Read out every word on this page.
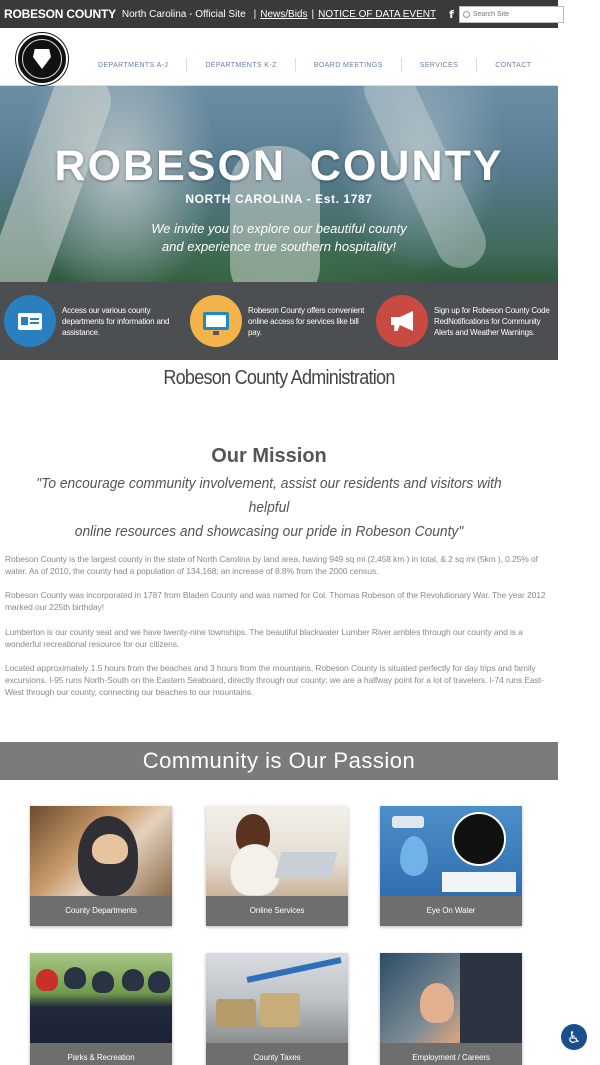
ROBESON COUNTY North Carolina - Official Site | News/Bids | NOTICE OF DATA EVENT f
Search Site
DEPARTMENTS A-J	DEPARTMENTS K-Z	BOARD MEETINGS	SERVICES	CONTACT
ROBESON COUNTY
NORTH CAROLINA - Est. 1787
We invite you to explore our beautiful county
and experience true southern hospitality!
Access our various county departments for information and assistance.
Robeson County offers convenient online access for services like bill pay.
Sign up for Robeson County Code RedNotifications for Community Alerts and Weather Warnings.
Robeson County Administration
Our Mission
"To encourage community involvement, assist our residents and visitors with helpful
online resources and showcasing our pride in Robeson County"
Robeson County is the largest county in the state of North Carolina by land area, having 949 sq mi (2,458 km ) in total, & 2 sq mi (5km ), 0.25% of water. As of 2010, the county had a population of 134,168; an increase of 8.8% from the 2000 census.
Robeson County was incorporated in 1787 from Bladen County and was named for Col. Thomas Robeson of the Revolutionary War. The year 2012 marked our 225th birthday!
Lumberton is our county seat and we have twenty-nine townships. The beautiful blackwater Lumber River ambles through our county and is a wonderful recreational resource for our citizens.
Located approximately 1.5 hours from the beaches and 3 hours from the mountains, Robeson County is situated perfectly for day trips and family excursions. I-95 runs North-South on the Eastern Seaboard, directly through our county; we are a halfway point for a lot of travelers. I-74 runs East-West through our county, connecting our beaches to our mountains.
Community is Our Passion
County Departments	Online Services	Eye On Water
Parks & Recreation	County Taxes	Employment / Careers
♿
